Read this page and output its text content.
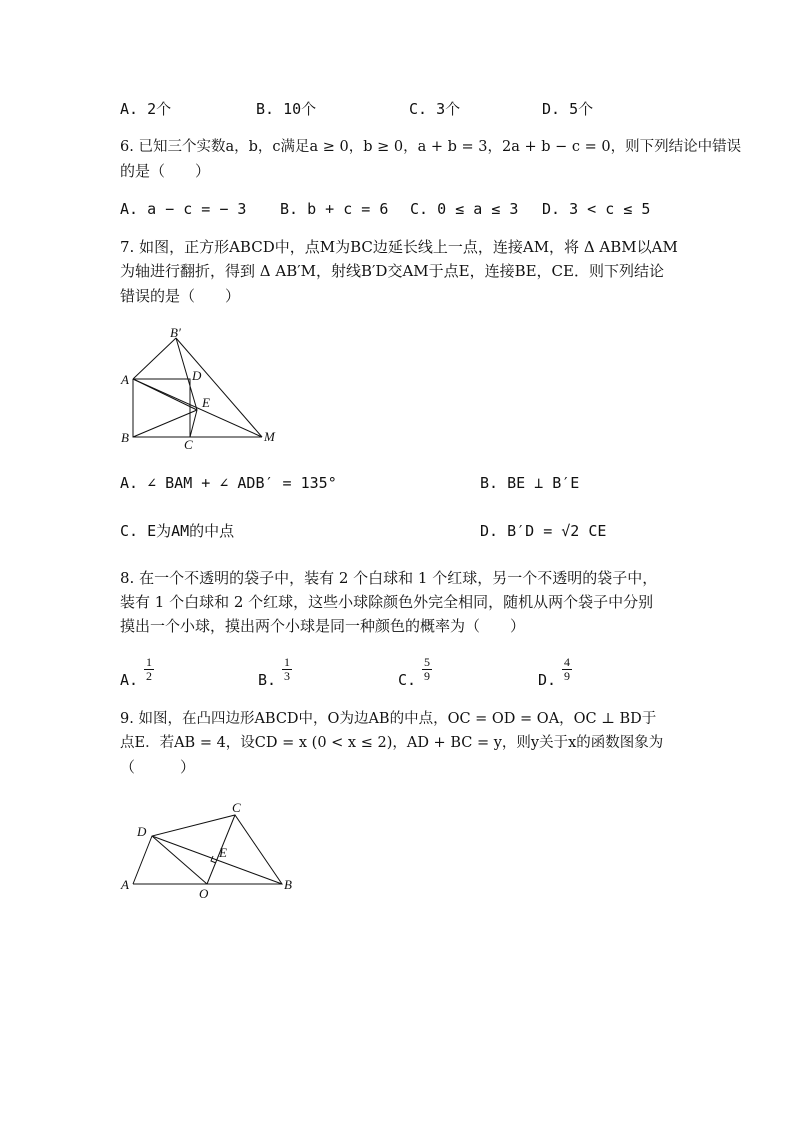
A. 2个	B. 10个	C. 3个	D. 5个
6. 已知三个实数a，b，c满足a ≥ 0，b ≥ 0，a + b = 3，2a + b − c = 0，则下列结论中错误
的是（　　）
A. a − c = − 3 B. b + c = 6 C. 0 ≤ a ≤ 3 D. 3 < c ≤ 5
7. 如图，正方形ABCD中，点M为BC边延长线上一点，连接AM，将 Δ ABM以AM
为轴进行翻折，得到 Δ AB′M，射线B′D交AM于点E，连接BE，CE．则下列结论
错误的是（　　）
B′
A	D
E
B	C
M
A. ∠ BAM + ∠ ADB′ = 135°	B. BE ⊥ B′E
C. E为AM的中点	D. B′D = √2 CE
8. 在一个不透明的袋子中，装有 2 个白球和 1 个红球，另一个不透明的袋子中，
装有 1 个白球和 2 个红球，这些小球除颜色外完全相同，随机从两个袋子中分别
摸出一个小球，摸出两个小球是同一种颜色的概率为（　　）
A.
1
2	B.
1
3	C.
5
9	D.
4
9
9. 如图，在凸四边形ABCD中，O为边AB的中点，OC = OD = OA，OC ⊥ BD于
点E．若AB = 4，设CD = x (0 < x ≤ 2)，AD + BC = y，则y关于x的函数图象为
（　　　）
C
D
E
A
O
B
